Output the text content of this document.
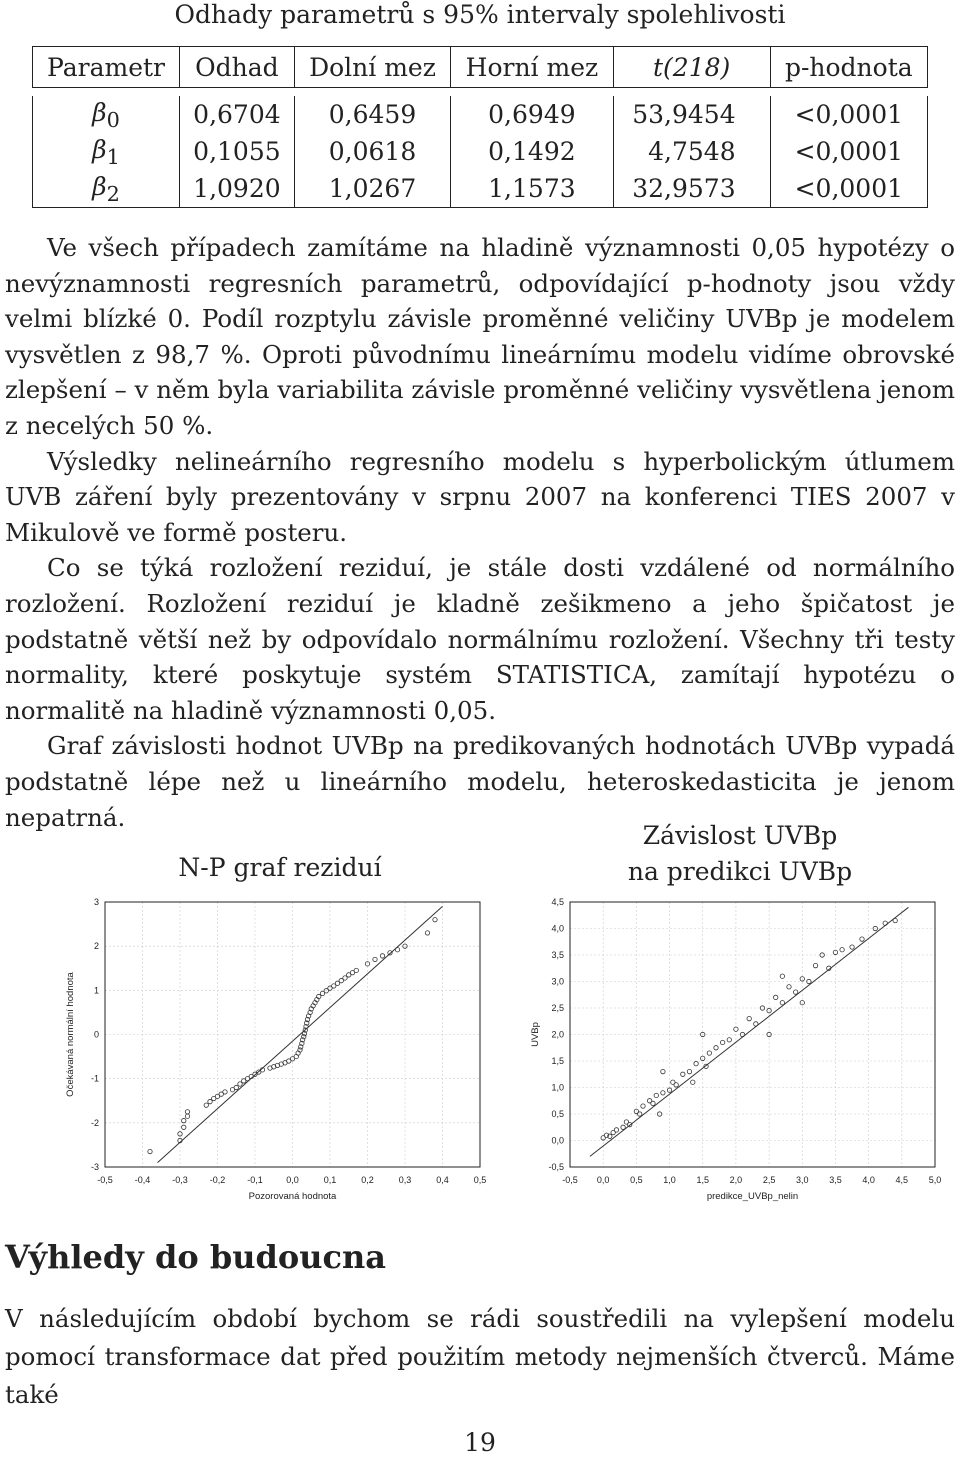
Odhady parametrů s 95% intervaly spolehlivosti
Parametr	Odhad	Dolní mez	Horní mez	t(218)	p-hodnota

$\beta_0$	0,6704	0,6459	0,6949	53,9454	<0,0001
$\beta_1$	0,1055	0,0618	0,1492	4,7548	<0,0001
$\beta_2$	1,0920	1,0267	1,1573	32,9573	<0,0001

Ve všech případech zamítáme na hladině významnosti 0,05 hypotézy o nevýznamnosti regresních parametrů, odpovídající p-hodnoty jsou vždy velmi blízké 0. Podíl rozptylu závisle proměnné veličiny UVBp je modelem vysvětlen z 98,7 %. Oproti původnímu lineárnímu modelu vidíme obrovské zlepšení – v něm byla variabilita závisle proměnné veličiny vysvětlena jenom z necelých 50 %.

Výsledky nelineárního regresního modelu s hyperbolickým útlumem UVB záření byly prezentovány v srpnu 2007 na konferenci TIES 2007 v Mikulově ve formě posteru.

Co se týká rozložení reziduí, je stále dosti vzdálené od normálního rozložení. Rozložení reziduí je kladně zešikmeno a jeho špičatost je podstatně větší než by odpovídalo normálnímu rozložení. Všechny tři testy normality, které poskytuje systém STATISTICA, zamítají hypotézu o normalitě na hladině významnosti 0,05.

Graf závislosti hodnot UVBp na predikovaných hodnotách UVBp vypadá podstatně lépe než u lineárního modelu, heteroskedasticita je jenom nepatrná.

N-P graf reziduí
Závislost UVBp
na predikci UVBp
-0,5 -0,4 -0,3 -0,2 -0,1	0,0	0,1	0,2	0,3	0,4	0,5
-3
-2
-1
0
1
2
3
Pozorovaná hodnota
Očekávaná normální hodnota
-0,5 0,0 0,5 1,0 1,5 2,0 2,5 3,0 3,5 4,0 4,5 5,0
-0,5
0,0
0,5
1,0
1,5
2,0
2,5
3,0
3,5
4,0
4,5
predikce_UVBp_nelin
UVBp
Výhledy do budoucna
V následujícím období bychom se rádi soustředili na vylepšení modelu pomocí transformace dat před použitím metody nejmenších čtverců. Máme také
19
